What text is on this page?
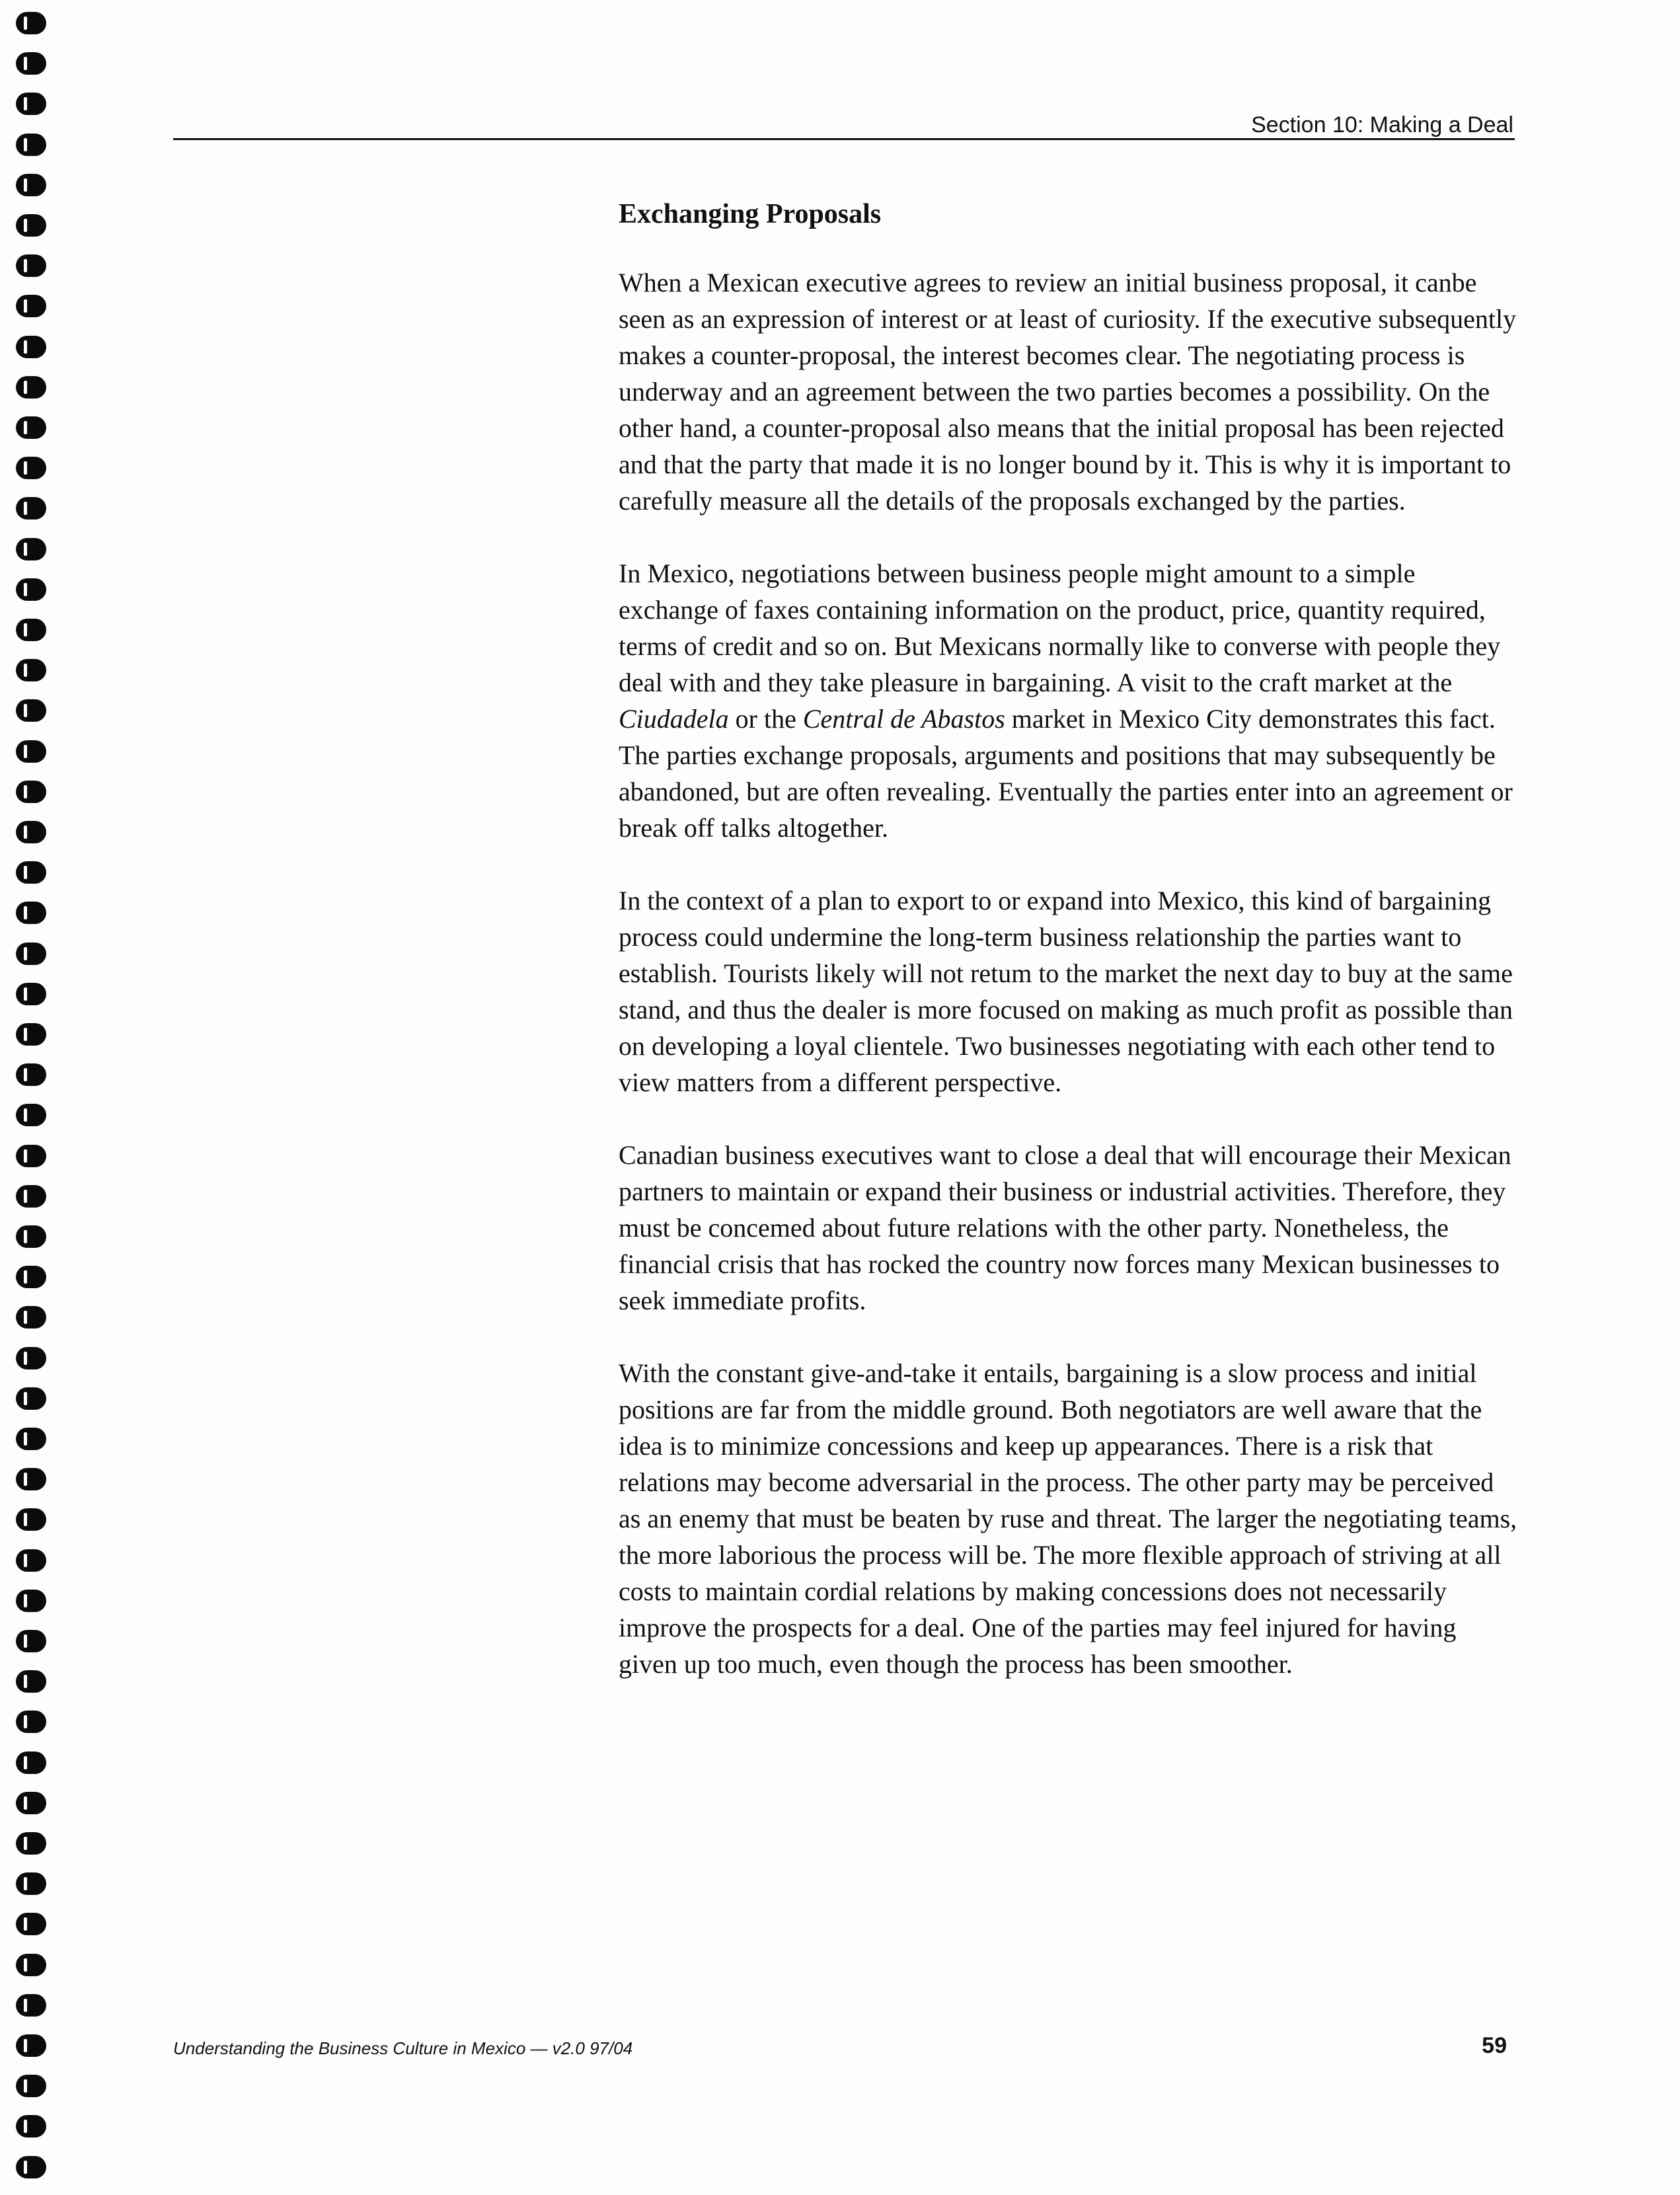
Section 10: Making a Deal
Exchanging Proposals

When a Mexican executive agrees to review an initial business proposal, it canbe seen as an expression of interest or at least of curiosity. If the executive subsequently makes a counter-proposal, the interest becomes clear. The negotiating process is underway and an agreement between the two parties becomes a possibility. On the other hand, a counter-proposal also means that the initial proposal has been rejected and that the party that made it is no longer bound by it. This is why it is important to carefully measure all the details of the proposals exchanged by the parties.

In Mexico, negotiations between business people might amount to a simple exchange of faxes containing information on the product, price, quantity required, terms of credit and so on. But Mexicans normally like to converse with people they deal with and they take pleasure in bargaining. A visit to the craft market at the Ciudadela or the Central de Abastos market in Mexico City demonstrates this fact. The parties exchange proposals, arguments and positions that may subsequently be abandoned, but are often revealing. Eventually the parties enter into an agreement or break off talks altogether.

In the context of a plan to export to or expand into Mexico, this kind of bargaining process could undermine the long-term business relationship the parties want to establish. Tourists likely will not retum to the market the next day to buy at the same stand, and thus the dealer is more focused on making as much profit as possible than on developing a loyal clientele. Two businesses negotiating with each other tend to view matters from a different perspective.

Canadian business executives want to close a deal that will encourage their Mexican partners to maintain or expand their business or industrial activities. Therefore, they must be concemed about future relations with the other party. Nonetheless, the financial crisis that has rocked the country now forces many Mexican businesses to seek immediate profits.

With the constant give-and-take it entails, bargaining is a slow process and initial positions are far from the middle ground. Both negotiators are well aware that the idea is to minimize concessions and keep up appearances. There is a risk that relations may become adversarial in the process. The other party may be perceived as an enemy that must be beaten by ruse and threat. The larger the negotiating teams, the more laborious the process will be. The more flexible approach of striving at all costs to maintain cordial relations by making concessions does not necessarily improve the prospects for a deal. One of the parties may feel injured for having given up too much, even though the process has been smoother.

Understanding the Business Culture in Mexico — v2.0 97/04	59
